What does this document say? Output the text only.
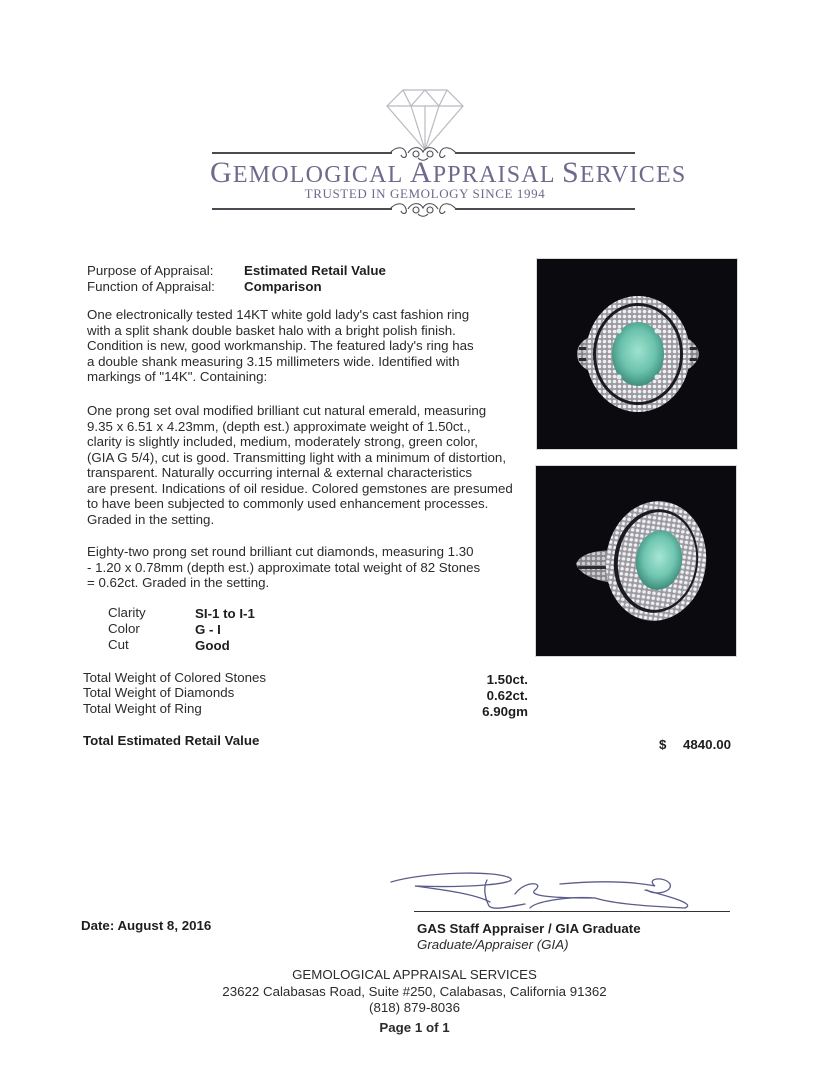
GEMOLOGICAL APPRAISAL SERVICES
TRUSTED IN GEMOLOGY SINCE 1994
Purpose of Appraisal: Estimated Retail Value
Function of Appraisal: Comparison
One electronically tested 14KT white gold lady's cast fashion ring
with a split shank double basket halo with a bright polish finish.
Condition is new, good workmanship. The featured lady's ring has
a double shank measuring 3.15 millimeters wide. Identified with
markings of "14K". Containing:
One prong set oval modified brilliant cut natural emerald, measuring
9.35 x 6.51 x 4.23mm, (depth est.) approximate weight of 1.50ct.,
clarity is slightly included, medium, moderately strong, green color,
(GIA G 5/4), cut is good. Transmitting light with a minimum of distortion,
transparent. Naturally occurring internal & external characteristics
are present. Indications of oil residue. Colored gemstones are presumed
to have been subjected to commonly used enhancement processes.
Graded in the setting.
Eighty-two prong set round brilliant cut diamonds, measuring 1.30
- 1.20 x 0.78mm (depth est.) approximate total weight of 82 Stones
= 0.62ct. Graded in the setting.
Clarity	SI-1 to I-1
Color	G - I
Cut	Good
Total Weight of Colored Stones	1.50ct.
Total Weight of Diamonds	0.62ct.
Total Weight of Ring	6.90gm
Total Estimated Retail Value	$ 4840.00
Date: August 8, 2016	GAS Staff Appraiser / GIA Graduate
Graduate/Appraiser (GIA)
GEMOLOGICAL APPRAISAL SERVICES
23622 Calabasas Road, Suite #250, Calabasas, California 91362
(818) 879-8036
Page 1 of 1
